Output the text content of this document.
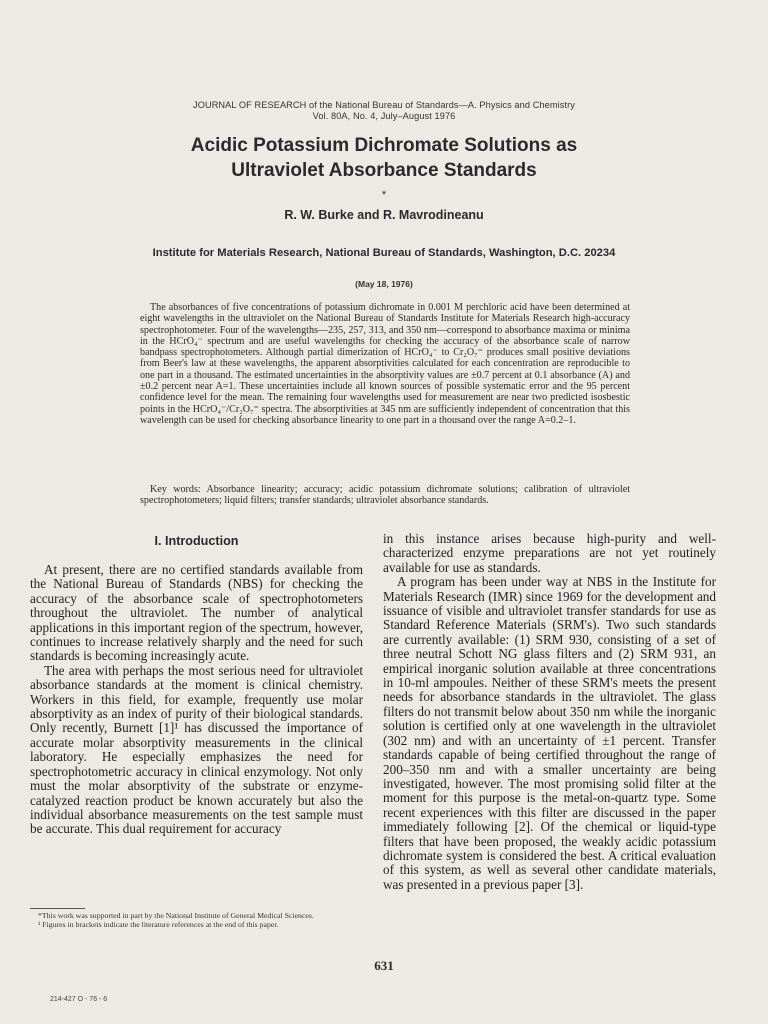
JOURNAL OF RESEARCH of the National Bureau of Standards—A. Physics and Chemistry
Vol. 80A, No. 4, July–August 1976
Acidic Potassium Dichromate Solutions as
Ultraviolet Absorbance Standards
*
R. W. Burke and R. Mavrodineanu
Institute for Materials Research, National Bureau of Standards, Washington, D.C. 20234
(May 18, 1976)

The absorbances of five concentrations of potassium dichromate in 0.001 M perchloric acid have been determined at eight wavelengths in the ultraviolet on the National Bureau of Standards Institute for Materials Research high-accuracy spectrophotometer. Four of the wavelengths—235, 257, 313, and 350 nm—correspond to absorbance maxima or minima in the HCrO₄⁻ spectrum and are useful wavelengths for checking the accuracy of the absorbance scale of narrow bandpass spectrophotometers. Although partial dimerization of HCrO₄⁻ to Cr₂O₇⁼ produces small positive deviations from Beer's law at these wavelengths, the apparent absorptivities calculated for each concentration are reproducible to one part in a thousand. The estimated uncertainties in the absorptivity values are ±0.7 percent at 0.1 absorbance (A) and ±0.2 percent near A=1. These uncertainties include all known sources of possible systematic error and the 95 percent confidence level for the mean. The remaining four wavelengths used for measurement are near two predicted isosbestic points in the HCrO₄⁻/Cr₂O₇⁼ spectra. The absorptivities at 345 nm are sufficiently independent of concentration that this wavelength can be used for checking absorbance linearity to one part in a thousand over the range A=0.2–1.

Key words: Absorbance linearity; accuracy; acidic potassium dichromate solutions; calibration of ultraviolet spectrophotometers; liquid filters; transfer standards; ultraviolet absorbance standards.

I. Introduction

At present, there are no certified standards available from the National Bureau of Standards (NBS) for checking the accuracy of the absorbance scale of spectrophotometers throughout the ultraviolet. The number of analytical applications in this important region of the spectrum, however, continues to increase relatively sharply and the need for such standards is becoming increasingly acute.

The area with perhaps the most serious need for ultraviolet absorbance standards at the moment is clinical chemistry. Workers in this field, for example, frequently use molar absorptivity as an index of purity of their biological standards. Only recently, Burnett [1]¹ has discussed the importance of accurate molar absorptivity measurements in the clinical laboratory. He especially emphasizes the need for spectrophotometric accuracy in clinical enzymology. Not only must the molar absorptivity of the substrate or enzyme-catalyzed reaction product be known accurately but also the individual absorbance measurements on the test sample must be accurate. This dual requirement for accuracy

in this instance arises because high-purity and well-characterized enzyme preparations are not yet routinely available for use as standards.

A program has been under way at NBS in the Institute for Materials Research (IMR) since 1969 for the development and issuance of visible and ultraviolet transfer standards for use as Standard Reference Materials (SRM's). Two such standards are currently available: (1) SRM 930, consisting of a set of three neutral Schott NG glass filters and (2) SRM 931, an empirical inorganic solution available at three concentrations in 10-ml ampoules. Neither of these SRM's meets the present needs for absorbance standards in the ultraviolet. The glass filters do not transmit below about 350 nm while the inorganic solution is certified only at one wavelength in the ultraviolet (302 nm) and with an uncertainty of ±1 percent. Transfer standards capable of being certified throughout the range of 200–350 nm and with a smaller uncertainty are being investigated, however. The most promising solid filter at the moment for this purpose is the metal-on-quartz type. Some recent experiences with this filter are discussed in the paper immediately following [2]. Of the chemical or liquid-type filters that have been proposed, the weakly acidic potassium dichromate system is considered the best. A critical evaluation of this system, as well as several other candidate materials, was presented in a previous paper [3].

*This work was supported in part by the National Institute of General Medical Sciences.
¹ Figures in brackets indicate the literature references at the end of this paper.
631
214-427 O - 76 - 6
